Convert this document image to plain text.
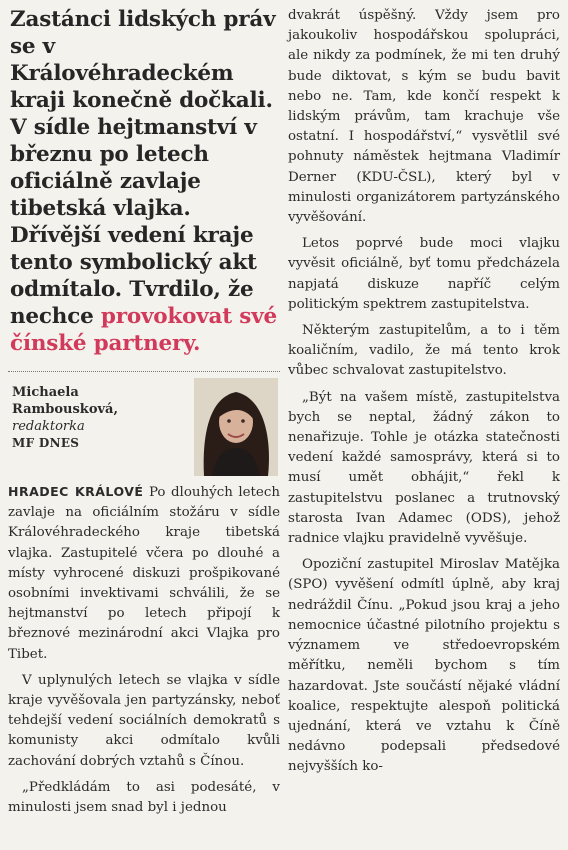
Zastánci lidských práv se v Královéhradeckém kraji konečně dočkali. V sídle hejtmanství v březnu po letech oficiálně zavlaje tibetská vlajka. Dřívější vedení kraje tento symbolický akt odmítalo. Tvrdilo, že nechce provokovat své čínské partnery.

Michaela Rambousková, redaktorka
MF DNES

HRADEC KRÁLOVÉ Po dlouhých letech zavlaje na oficiálním stožáru v sídle Královéhradeckého kraje tibetská vlajka. Zastupitelé včera po dlouhé a místy vyhrocené diskuzi prošpikované osobními invektivami schválili, že se hejtmanství po letech připojí k březnové mezinárodní akci Vlajka pro Tibet.

V uplynulých letech se vlajka v sídle kraje vyvěšovala jen partyzánsky, neboť tehdejší vedení sociálních demokratů s komunisty akci odmítalo kvůli zachování dobrých vztahů s Čínou.

„Předkládám to asi podesáté, v minulosti jsem snad byl i jednou

dvakrát úspěšný. Vždy jsem pro jakoukoliv hospodářskou spolupráci, ale nikdy za podmínek, že mi ten druhý bude diktovat, s kým se budu bavit nebo ne. Tam, kde končí respekt k lidským právům, tam krachuje vše ostatní. I hospodářství,“ vysvětlil své pohnuty náměstek hejtmana Vladimír Derner (KDU-ČSL), který byl v minulosti organizátorem partyzánského vyvěšování.

Letos poprvé bude moci vlajku vyvěsit oficiálně, byť tomu předcházela napjatá diskuze napříč celým politickým spektrem zastupitelstva.

Některým zastupitelům, a to i těm koaličním, vadilo, že má tento krok vůbec schvalovat zastupitelstvo.

„Být na vašem místě, zastupitelstva bych se neptal, žádný zákon to nenařizuje. Tohle je otázka statečnosti vedení každé samosprávy, která si to musí umět obhájit,“ řekl k zastupitelstvu poslanec a trutnovský starosta Ivan Adamec (ODS), jehož radnice vlajku pravidelně vyvěšuje.

Opoziční zastupitel Miroslav Matějka (SPO) vyvěšení odmítl úplně, aby kraj nedráždil Čínu. „Pokud jsou kraj a jeho nemocnice účastné pilotního projektu s významem ve středoevropském měřítku, neměli bychom s tím hazardovat. Jste součástí nějaké vládní koalice, respektujte alespoň politická ujednání, která ve vztahu k Číně nedávno podepsali předsedové nejvyšších ko-
